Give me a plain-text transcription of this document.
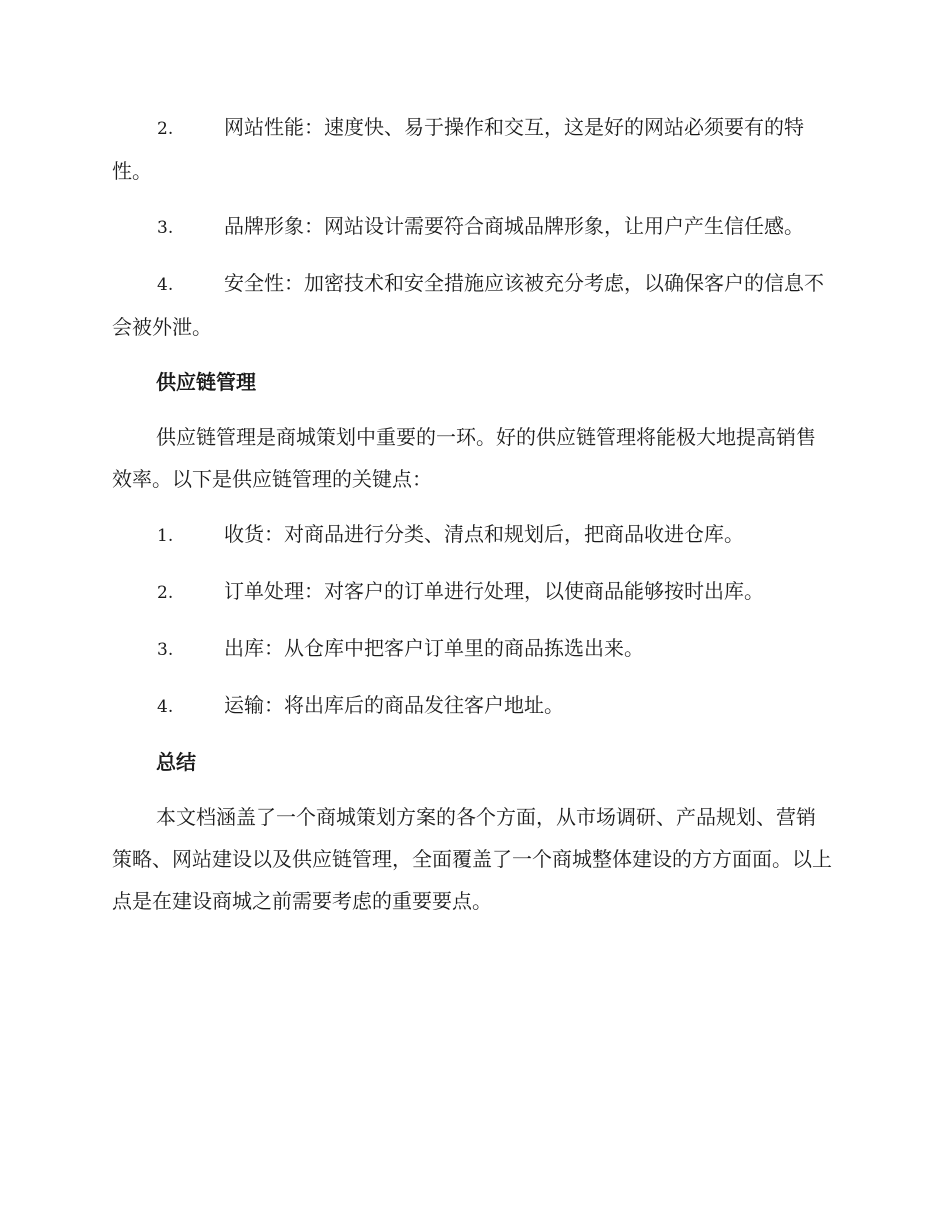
2.	网站性能：速度快、易于操作和交互，这是好的网站必须要有的特性。
3.	品牌形象：网站设计需要符合商城品牌形象，让用户产生信任感。
4.	安全性：加密技术和安全措施应该被充分考虑，以确保客户的信息不会被外泄。
供应链管理
供应链管理是商城策划中重要的一环。好的供应链管理将能极大地提高销售效率。以下是供应链管理的关键点：
1.	收货：对商品进行分类、清点和规划后，把商品收进仓库。
2.	订单处理：对客户的订单进行处理，以使商品能够按时出库。
3.	出库：从仓库中把客户订单里的商品拣选出来。
4.	运输：将出库后的商品发往客户地址。
总结
本文档涵盖了一个商城策划方案的各个方面，从市场调研、产品规划、营销策略、网站建设以及供应链管理，全面覆盖了一个商城整体建设的方方面面。以上点是在建设商城之前需要考虑的重要要点。
